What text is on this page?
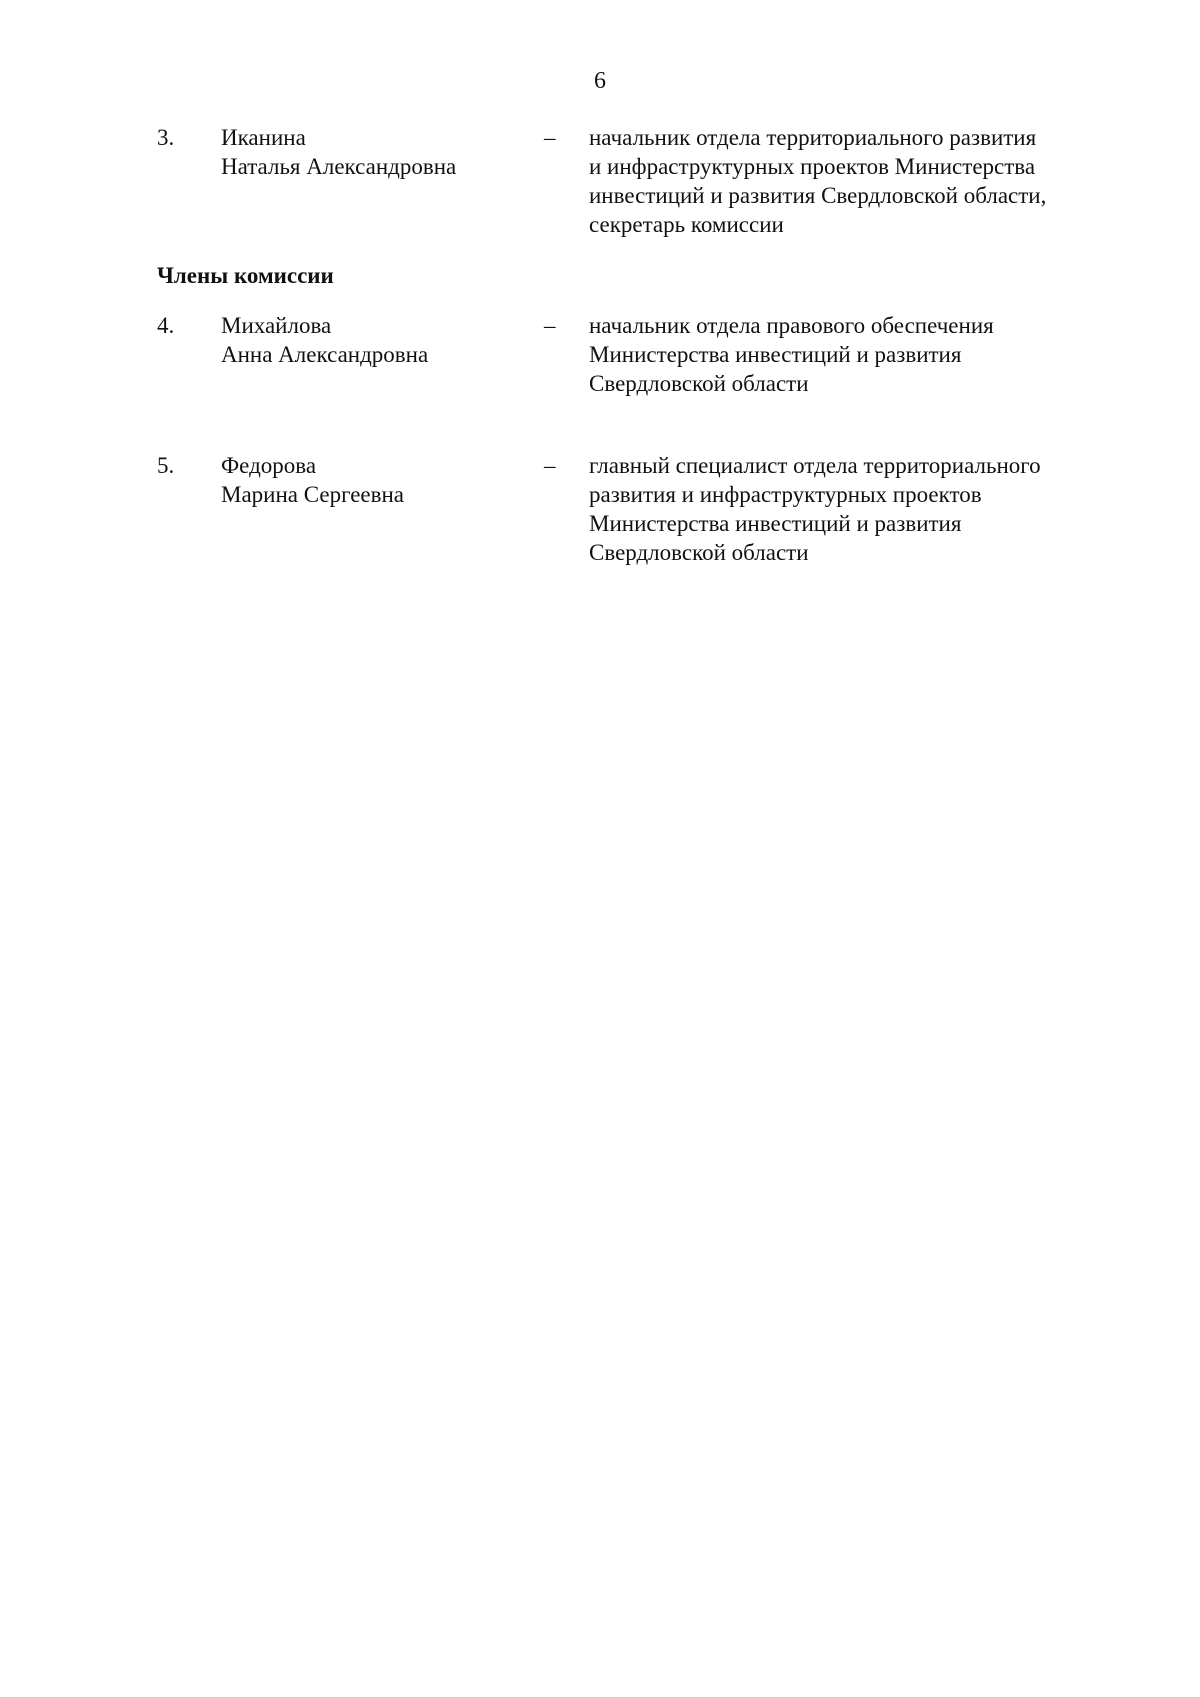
6
3. Иканина
Наталья Александровна
– начальник отдела территориального развития
и инфраструктурных проектов Министерства
инвестиций и развития Свердловской области,
секретарь комиссии
Члены комиссии
4. Михайлова
Анна Александровна
– начальник отдела правового обеспечения
Министерства инвестиций и развития
Свердловской области
5. Федорова
Марина Сергеевна
– главный специалист отдела территориального
развития и инфраструктурных проектов
Министерства инвестиций и развития
Свердловской области
